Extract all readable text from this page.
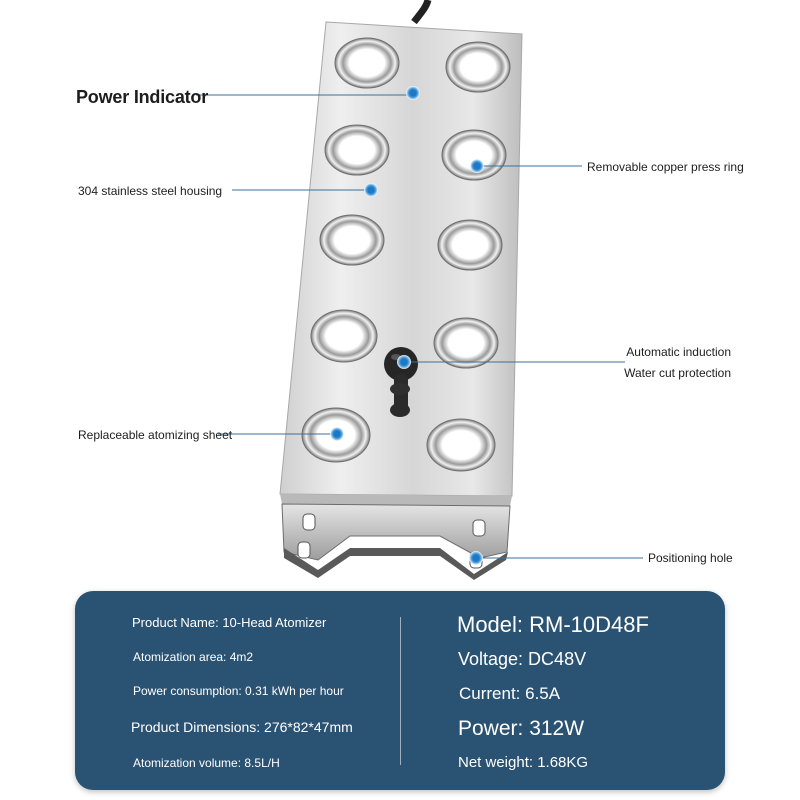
Power Indicator
304 stainless steel housing
Removable copper press ring
Automatic induction
Water cut protection
Replaceable atomizing sheet
Positioning hole
Product Name: 10-Head Atomizer
Atomization area: 4m2
Power consumption: 0.31 kWh per hour
Product Dimensions: 276*82*47mm
Atomization volume: 8.5L/H
Model: RM-10D48F
Voltage: DC48V
Current: 6.5A
Power: 312W
Net weight: 1.68KG
